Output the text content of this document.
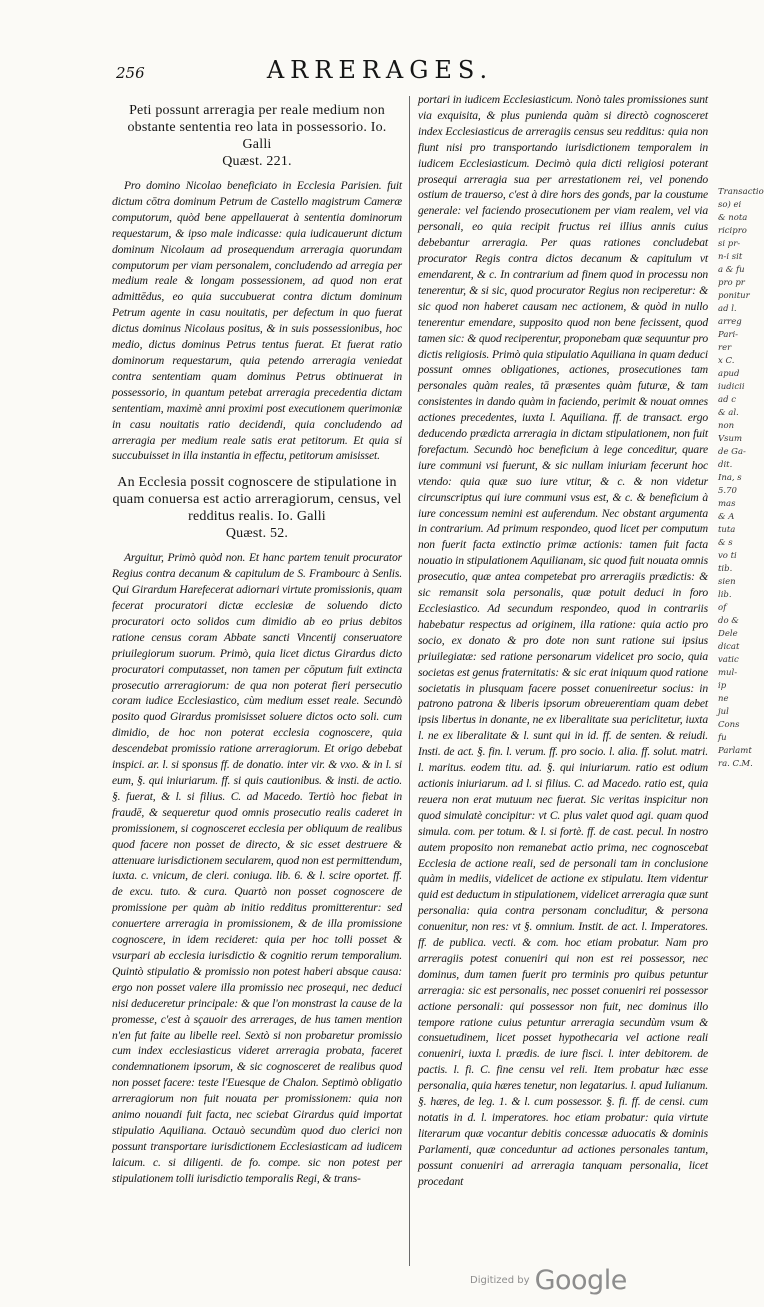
256	ARRERAGES.
Peti possunt arreragia per reale medium non obstante sententia reo lata in possessorio. Io. Galli
Quæst. 221.

Pro domino Nicolao beneficiato in Ecclesia Parisien. fuit dictum cōtra dominum Petrum de Castello magistrum Cameræ computorum, quòd bene appellauerat à sententia dominorum requestarum, & ipso male indicasse: quia iudicauerunt dictum dominum Nicolaum ad prosequendum arreragia quorundam computorum per viam personalem, concludendo ad arregia per medium reale & longam possessionem, ad quod non erat admittēdus, eo quia succubuerat contra dictum dominum Petrum agente in casu nouitatis, per defectum in quo fuerat dictus dominus Nicolaus positus, & in suis possessionibus, hoc medio, dictus dominus Petrus tentus fuerat. Et fuerat ratio dominorum requestarum, quia petendo arreragia veniedat contra sententiam quam dominus Petrus obtinuerat in possessorio, in quantum petebat arreragia precedentia dictam sententiam, maximè anni proximi post executionem querimoniæ in casu nouitatis ratio decidendi, quia concludendo ad arreragia per medium reale satis erat petitorum. Et quia si succubuisset in illa instantia in effectu, petitorum amisisset.

An Ecclesia possit cognoscere de stipulatione in quam conuersa est actio arreragiorum, census, vel redditus realis. Io. Galli
Quæst. 52.

Arguitur, Primò quòd non. Et hanc partem tenuit procurator Regius contra decanum & capitulum de S. Frambourc à Senlis. Qui Girardum Harefecerat adiornari virtute promissionis, quam fecerat procuratori dictæ ecclesiæ de soluendo dicto procuratori octo solidos cum dimidio ab eo prius debitos ratione census coram Abbate sancti Vincentij conseruatore priuilegiorum suorum. Primò, quia licet dictus Girardus dicto procuratori computasset, non tamen per cōputum fuit extincta prosecutio arreragiorum: de qua non poterat fieri persecutio coram iudice Ecclesiastico, cùm medium esset reale. Secundò posito quod Girardus promisisset soluere dictos octo soli. cum dimidio, de hoc non poterat ecclesia cognoscere, quia descendebat promissio ratione arreragiorum. Et origo debebat inspici. ar. l. si sponsus ff. de donatio. inter vir. & vxo. & in l. si eum, §. qui iniuriarum. ff. si quis cautionibus. & insti. de actio. §. fuerat, & l. si filius. C. ad Macedo. Tertiò hoc fiebat in fraudē, & sequeretur quod omnis prosecutio realis caderet in promissionem, si cognosceret ecclesia per obliquum de realibus quod facere non posset de directo, & sic esset destruere & attenuare iurisdictionem secularem, quod non est permittendum, iuxta. c. vnicum, de cleri. coniuga. lib. 6. & l. scire oportet. ff. de excu. tuto. & cura. Quartò non posset cognoscere de promissione per quàm ab initio redditus promitterentur: sed conuertere arreragia in promissionem, & de illa promissione cognoscere, in idem recideret: quia per hoc tolli posset & vsurpari ab ecclesia iurisdictio & cognitio rerum temporalium. Quintò stipulatio & promissio non potest haberi absque causa: ergo non posset valere illa promissio nec prosequi, nec deduci nisi deduceretur principale: & que l'on monstrast la cause de la promesse, c'est à sçauoir des arrerages, de hus tamen mention n'en fut faite au libelle reel. Sextò si non probaretur promissio cum index ecclesiasticus videret arreragia probata, faceret condemnationem ipsorum, & sic cognosceret de realibus quod non posset facere: teste l'Euesque de Chalon. Septimò obligatio arreragiorum non fuit nouata per promissionem: quia non animo nouandi fuit facta, nec sciebat Girardus quid importat stipulatio Aquiliana. Octauò secundùm quod duo clerici non possunt transportare iurisdictionem Ecclesiasticam ad iudicem laicum. c. si diligenti. de fo. compe. sic non potest per stipulationem tolli iurisdictio temporalis Regi, & trans-

portari in iudicem Ecclesiasticum. Nonò tales promissiones sunt via exquisita, & plus punienda quàm si directò cognosceret index Ecclesiasticus de arreragiis census seu redditus: quia non fiunt nisi pro transportando iurisdictionem temporalem in iudicem Ecclesiasticum. Decimò quia dicti religiosi poterant prosequi arreragia sua per arrestationem rei, vel ponendo ostium de trauerso, c'est à dire hors des gonds, par la coustume generale: vel faciendo prosecutionem per viam realem, vel via personali, eo quia recipit fructus rei illius annis cuius debebantur arreragia. Per quas rationes concludebat procurator Regis contra dictos decanum & capitulum vt emendarent, & c. In contrarium ad finem quod in processu non tenerentur, & si sic, quod procurator Regius non reciperetur: & sic quod non haberet causam nec actionem, & quòd in nullo tenerentur emendare, supposito quod non bene fecissent, quod tamen sic: & quod reciperentur, proponebam quæ sequuntur pro dictis religiosis. Primò quia stipulatio Aquiliana in quam deduci possunt omnes obligationes, actiones, prosecutiones tam personales quàm reales, tā præsentes quàm futuræ, & tam consistentes in dando quàm in faciendo, perimit & nouat omnes actiones precedentes, iuxta l. Aquiliana. ff. de transact. ergo deducendo prædicta arreragia in dictam stipulationem, non fuit forefactum. Secundò hoc beneficium à lege conceditur, quare iure communi vsi fuerunt, & sic nullam iniuriam fecerunt hoc vtendo: quia quæ suo iure vtitur, & c. & non videtur circunscriptus qui iure communi vsus est, & c. & beneficium à iure concessum nemini est auferendum. Nec obstant argumenta in contrarium. Ad primum respondeo, quod licet per computum non fuerit facta extinctio primæ actionis: tamen fuit facta nouatio in stipulationem Aquilianam, sic quod fuit nouata omnis prosecutio, quæ antea competebat pro arreragiis prædictis: & sic remansit sola personalis, quæ potuit deduci in foro Ecclesiastico. Ad secundum respondeo, quod in contrariis habebatur respectus ad originem, illa ratione: quia actio pro socio, ex donato & pro dote non sunt ratione sui ipsius priuilegiatæ: sed ratione personarum videlicet pro socio, quia societas est genus fraternitatis: & sic erat iniquum quod ratione societatis in plusquam facere posset conuenireetur socius: in patrono patrona & liberis ipsorum obreuerentiam quam debet ipsis libertus in donante, ne ex liberalitate sua periclitetur, iuxta l. ne ex liberalitate & l. sunt qui in id. ff. de senten. & reiudi. Insti. de act. §. fin. l. verum. ff. pro socio. l. alia. ff. solut. matri. l. maritus. eodem titu. ad. §. qui iniuriarum. ratio est odium actionis iniuriarum. ad l. si filius. C. ad Macedo. ratio est, quia reuera non erat mutuum nec fuerat. Sic veritas inspicitur non quod simulatè concipitur: vt C. plus valet quod agi. quam quod simula. com. per totum. & l. si fortè. ff. de cast. pecul. In nostro autem proposito non remanebat actio prima, nec cognoscebat Ecclesia de actione reali, sed de personali tam in conclusione quàm in mediis, videlicet de actione ex stipulatu. Item videntur quid est deductum in stipulationem, videlicet arreragia quæ sunt personalia: quia contra personam concluditur, & persona conuenitur, non res: vt §. omnium. Instit. de act. l. Imperatores. ff. de publica. vecti. & com. hoc etiam probatur. Nam pro arreragiis potest conueniri qui non est rei possessor, nec dominus, dum tamen fuerit pro terminis pro quibus petuntur arreragia: sic est personalis, nec posset conueniri rei possessor actione personali: qui possessor non fuit, nec dominus illo tempore ratione cuius petuntur arreragia secundùm vsum & consuetudinem, licet posset hypothecaria vel actione reali conueniri, iuxta l. prædis. de iure fisci. l. inter debitorem. de pactis. l. fi. C. fine censu vel reli. Item probatur hæc esse personalia, quia hæres tenetur, non legatarius. l. apud Iulianum. §. hæres, de leg. 1. & l. cum possessor. §. fi. ff. de censi. cum notatis in d. l. imperatores. hoc etiam probatur: quia virtute literarum quæ vocantur debitis concessæ aduocatis & dominis Parlamenti, quæ conceduntur ad actiones personales tantum, possunt conueniri ad arreragia tanquam personalia, licet procedant

Transactio
so) ei
& nota
ricipro
si pr-
n-i sit
a & fu
pro pr
ponitur
ad l.
arreg
Pari-
rer
x C.
apud
iudicii
ad c
& al.
non
Vsum
de Ga-
dit.
Ina, s
5.70
mas
& A
tuta
& s
vo ti
tib.
sien
lib.
of
do &
Dele
dicat
vatic
mul-
ip
ne
jul
Cons
fu
Parlamt
ra. C.M.
Digitized by Google
